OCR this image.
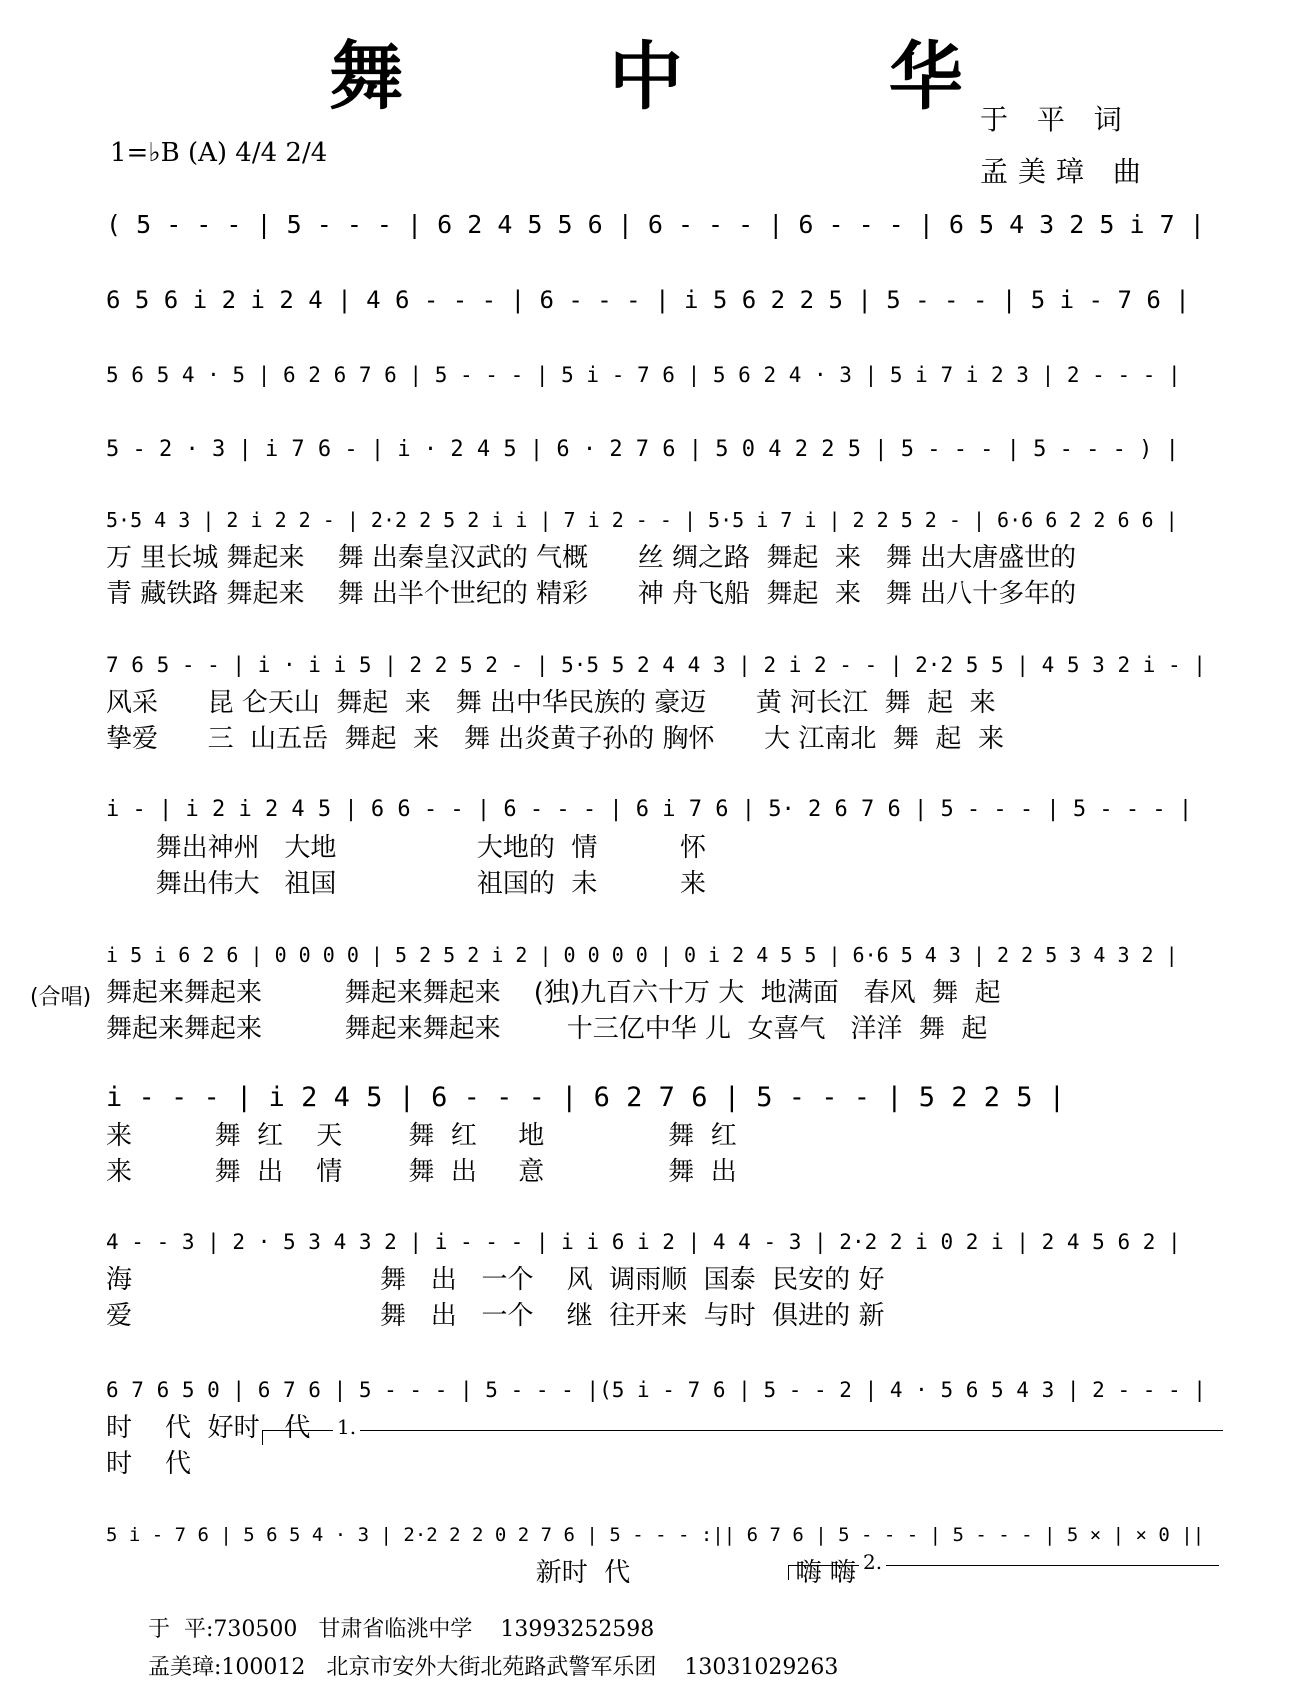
舞 中 华
1=♭B (A) 4/4 2/4
于 平 词
孟美璋 曲
(合唱)
1.
2.
( 5 - - - | 5 - - - | 6 2 4 5 5 6 | 6 - - - | 6 - - - | 6 5 4 3 2 5 i 7 |
6 5 6 i 2 i 2 4 | 4 6 - - - | 6 - - - | i 5 6 2 2 5 | 5 - - - | 5 i - 7 6 |
5 6 5 4 · 5 | 6 2 6 7 6 | 5 - - - | 5 i - 7 6 | 5 6 2 4 · 3 | 5 i 7 i 2 3 | 2 - - - |
5 - 2 · 3 | i 7 6 - | i · 2 4 5 | 6 · 2 7 6 | 5 0 4 2 2 5 | 5 - - - | 5 - - - ) |
5·5 4 3 | 2 i 2 2 - | 2·2 2 5 2 i i | 7 i 2 - - | 5·5 i 7 i | 2 2 5 2 - | 6·6 6 2 2 6 6 |
万 里长城 舞起来    舞 出秦皇汉武的 气概      丝 绸之路  舞起  来   舞 出大唐盛世的
青 藏铁路 舞起来    舞 出半个世纪的 精彩      神 舟飞船  舞起  来   舞 出八十多年的
7 6 5 - - | i · i i 5 | 2 2 5 2 - | 5·5 5 2 4 4 3 | 2 i 2 - - | 2·2 5 5 | 4 5 3 2 i - |
风采      昆 仑天山  舞起  来   舞 出中华民族的 豪迈      黄 河长江  舞  起  来
挚爱      三  山五岳  舞起  来   舞 出炎黄子孙的 胸怀      大 江南北  舞  起  来
i - | i 2 i 2 4 5 | 6 6 - - | 6 - - - | 6 i 7 6 | 5· 2 6 7 6 | 5 - - - | 5 - - - |
舞出神州   大地                 大地的  情          怀
舞出伟大   祖国                 祖国的  未          来
i 5 i 6 2 6 | 0 0 0 0 | 5 2 5 2 i 2 | 0 0 0 0 | 0 i 2 4 5 5 | 6·6 5 4 3 | 2 2 5 3 4 3 2 |
舞起来舞起来          舞起来舞起来    (独)九百六十万 大  地满面   春风  舞  起
舞起来舞起来          舞起来舞起来        十三亿中华 儿  女喜气   洋洋  舞  起
i - - - | i 2 4 5 | 6 - - - | 6 2 7 6 | 5 - - - | 5 2 2 5 |
来          舞  红    天        舞  红     地               舞  红
来          舞  出    情        舞  出     意               舞  出
4 - - 3 | 2 · 5 3 4 3 2 | i - - - | i i 6 i 2 | 4 4 - 3 | 2·2 2 i 0 2 i | 2 4 5 6 2 |
海                              舞   出   一个    风  调雨顺  国泰  民安的 好
爱                              舞   出   一个    继  往开来  与时  俱进的 新
6 7 6 5 0 | 6 7 6 | 5 - - - | 5 - - - |(5 i - 7 6 | 5 - - 2 | 4 · 5 6 5 4 3 | 2 - - - |
时    代  好时   代
时    代
5 i - 7 6 | 5 6 5 4 · 3 | 2·2 2 2 0 2 7 6 | 5 - - - :|| 6 7 6 | 5 - - - | 5 - - - | 5 × | × 0 ||
新时  代                    嗨 嗨
于  平:730500   甘肃省临洮中学    13993252598
孟美璋:100012   北京市安外大街北苑路武警军乐团    13031029263
